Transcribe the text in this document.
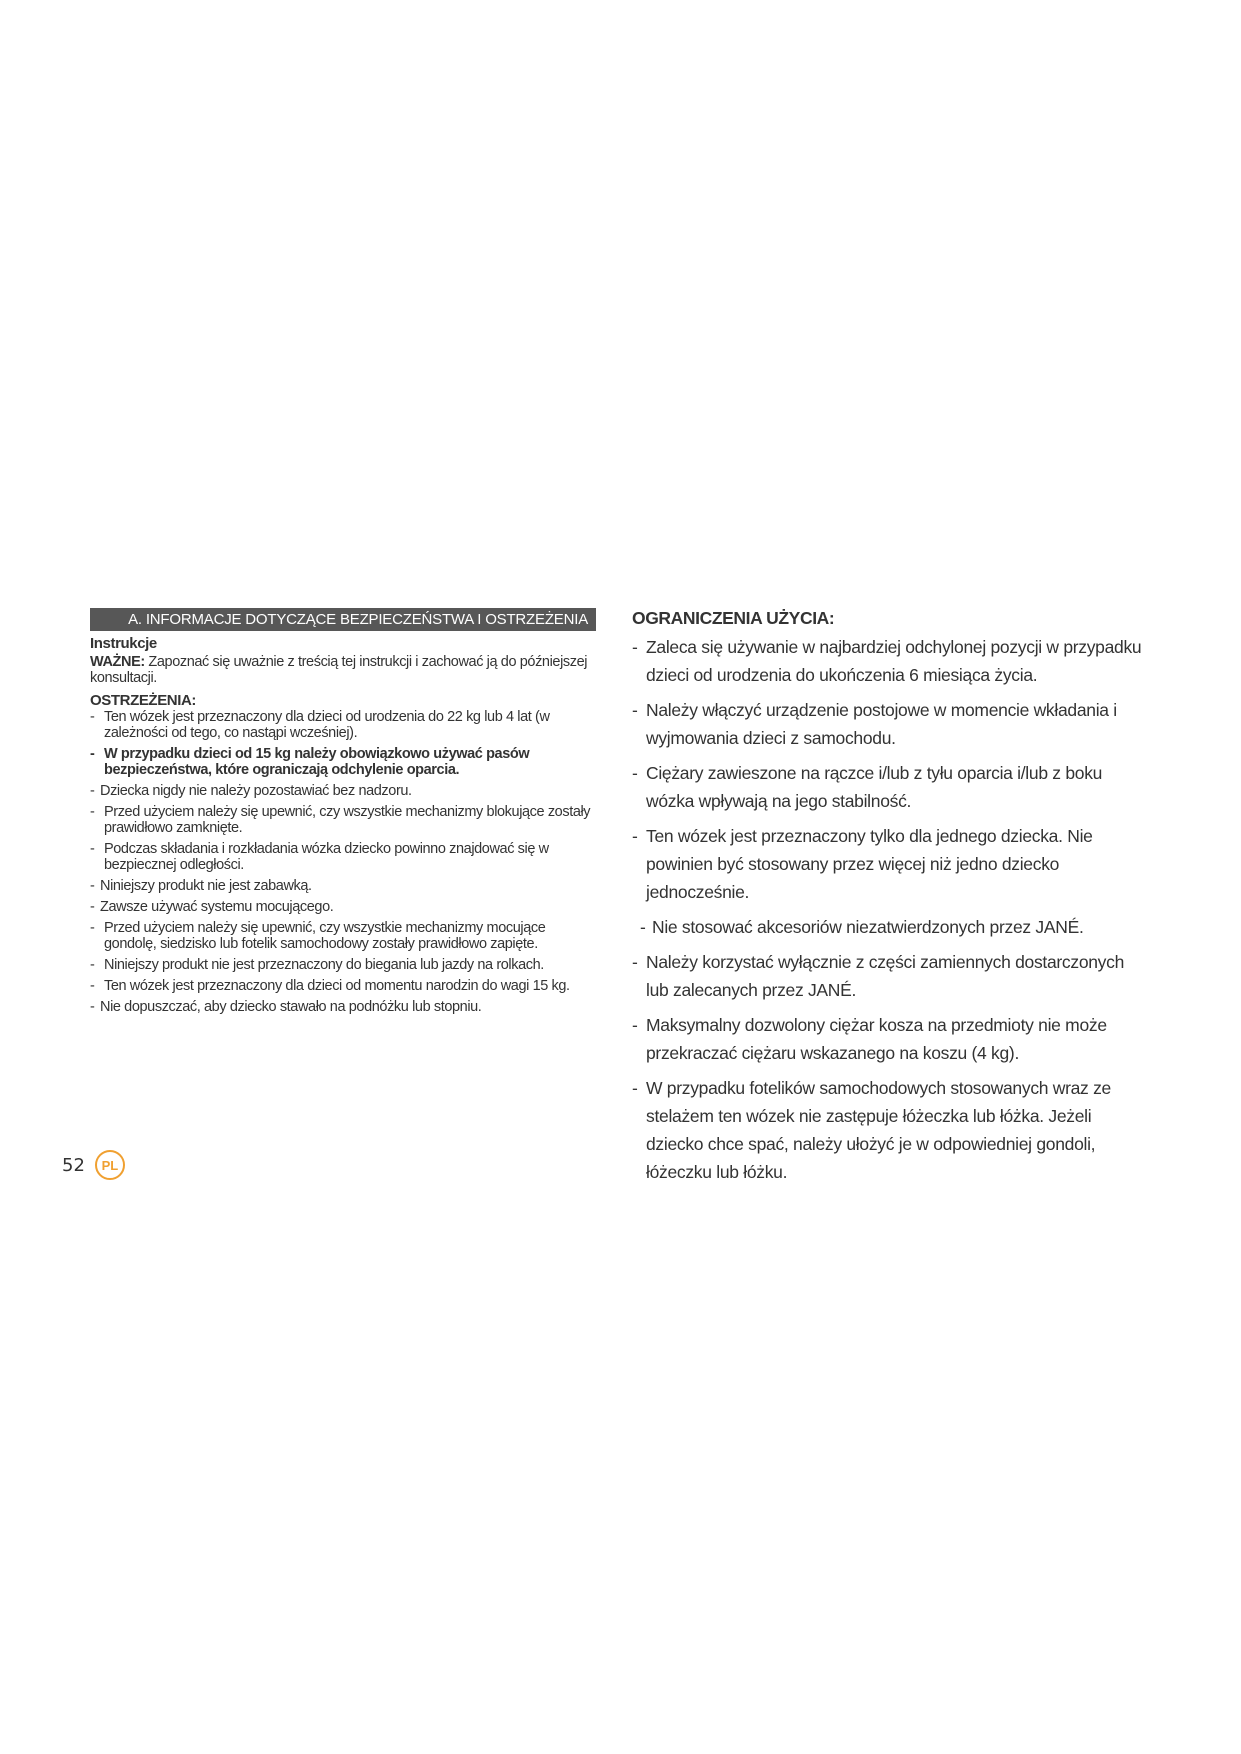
A. INFORMACJE DOTYCZĄCE BEZPIECZEŃSTWA I OSTRZEŻENIA
Instrukcje
WAŻNE: Zapoznać się uważnie z treścią tej instrukcji i zachować ją do późniejszej konsultacji.
OSTRZEŻENIA:
- Ten wózek jest przeznaczony dla dzieci od urodzenia do 22 kg lub 4 lat (w zależności od tego, co nastąpi wcześniej).
- W przypadku dzieci od 15 kg należy obowiązkowo używać pasów bezpieczeństwa, które ograniczają odchylenie oparcia.
- Dziecka nigdy nie należy pozostawiać bez nadzoru.
- Przed użyciem należy się upewnić, czy wszystkie mechanizmy blokujące zostały prawidłowo zamknięte.
- Podczas składania i rozkładania wózka dziecko powinno znajdować się w bezpiecznej odległości.
- Niniejszy produkt nie jest zabawką.
- Zawsze używać systemu mocującego.
- Przed użyciem należy się upewnić, czy wszystkie mechanizmy mocujące gondolę, siedzisko lub fotelik samochodowy zostały prawidłowo zapięte.
- Niniejszy produkt nie jest przeznaczony do biegania lub jazdy na rolkach.
- Ten wózek jest przeznaczony dla dzieci od momentu narodzin do wagi 15 kg.
- Nie dopuszczać, aby dziecko stawało na podnóżku lub stopniu.
OGRANICZENIA UŻYCIA:
- Zaleca się używanie w najbardziej odchylonej pozycji w przypadku dzieci od urodzenia do ukończenia 6 miesiąca życia.
- Należy włączyć urządzenie postojowe w momencie wkładania i wyjmowania dzieci z samochodu.
- Ciężary zawieszone na rączce i/lub z tyłu oparcia i/lub z boku wózka wpływają na jego stabilność.
- Ten wózek jest przeznaczony tylko dla jednego dziecka. Nie powinien być stosowany przez więcej niż jedno dziecko jednocześnie.
- Nie stosować akcesoriów niezatwierdzonych przez JANÉ.
- Należy korzystać wyłącznie z części zamiennych dostarczonych lub zalecanych przez JANÉ.
- Maksymalny dozwolony ciężar kosza na przedmioty nie może przekraczać ciężaru wskazanego na koszu (4 kg).
- W przypadku fotelików samochodowych stosowanych wraz ze stelażem ten wózek nie zastępuje łóżeczka lub łóżka. Jeżeli dziecko chce spać, należy ułożyć je w odpowiedniej gondoli, łóżeczku lub łóżku.
52	PL
